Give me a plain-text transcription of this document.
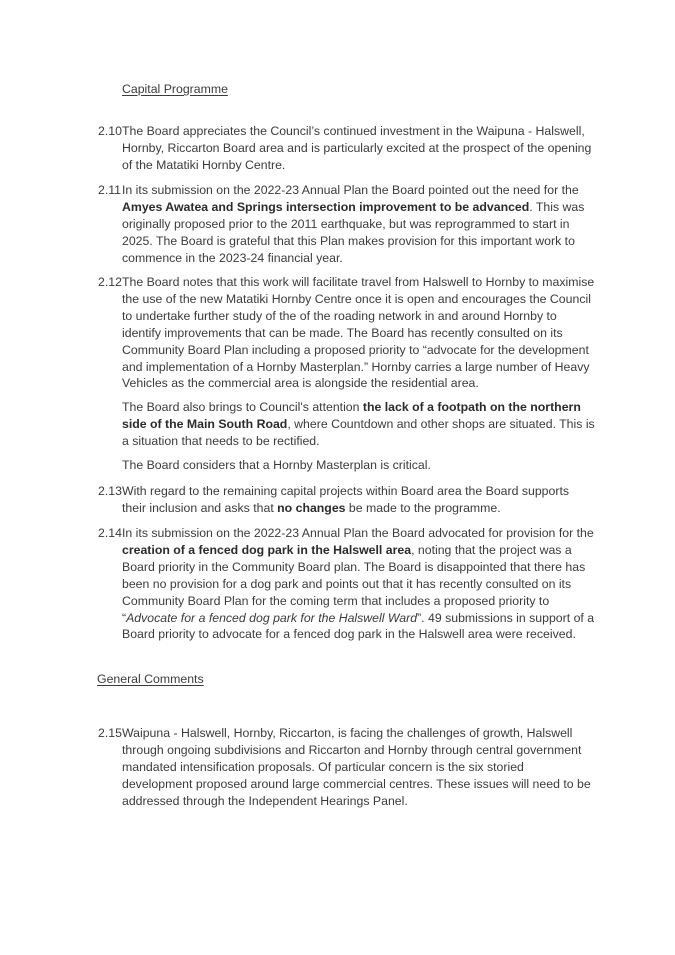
Capital Programme
2.10 The Board appreciates the Council’s continued investment in the Waipuna - Halswell, Hornby, Riccarton Board area and is particularly excited at the prospect of the opening of the Matatiki Hornby Centre.
2.11 In its submission on the 2022-23 Annual Plan the Board pointed out the need for the Amyes Awatea and Springs intersection improvement to be advanced. This was originally proposed prior to the 2011 earthquake, but was reprogrammed to start in 2025. The Board is grateful that this Plan makes provision for this important work to commence in the 2023-24 financial year.
2.12 The Board notes that this work will facilitate travel from Halswell to Hornby to maximise the use of the new Matatiki Hornby Centre once it is open and encourages the Council to undertake further study of the of the roading network in and around Hornby to identify improvements that can be made. The Board has recently consulted on its Community Board Plan including a proposed priority to “advocate for the development and implementation of a Hornby Masterplan.” Hornby carries a large number of Heavy Vehicles as the commercial area is alongside the residential area.
The Board also brings to Council's attention the lack of a footpath on the northern side of the Main South Road, where Countdown and other shops are situated. This is a situation that needs to be rectified.
The Board considers that a Hornby Masterplan is critical.
2.13 With regard to the remaining capital projects within Board area the Board supports their inclusion and asks that no changes be made to the programme.
2.14 In its submission on the 2022-23 Annual Plan the Board advocated for provision for the creation of a fenced dog park in the Halswell area, noting that the project was a Board priority in the Community Board plan. The Board is disappointed that there has been no provision for a dog park and points out that it has recently consulted on its Community Board Plan for the coming term that includes a proposed priority to “Advocate for a fenced dog park for the Halswell Ward”. 49 submissions in support of a Board priority to advocate for a fenced dog park in the Halswell area were received.
General Comments
2.15 Waipuna - Halswell, Hornby, Riccarton, is facing the challenges of growth, Halswell through ongoing subdivisions and Riccarton and Hornby through central government mandated intensification proposals. Of particular concern is the six storied development proposed around large commercial centres. These issues will need to be addressed through the Independent Hearings Panel.
